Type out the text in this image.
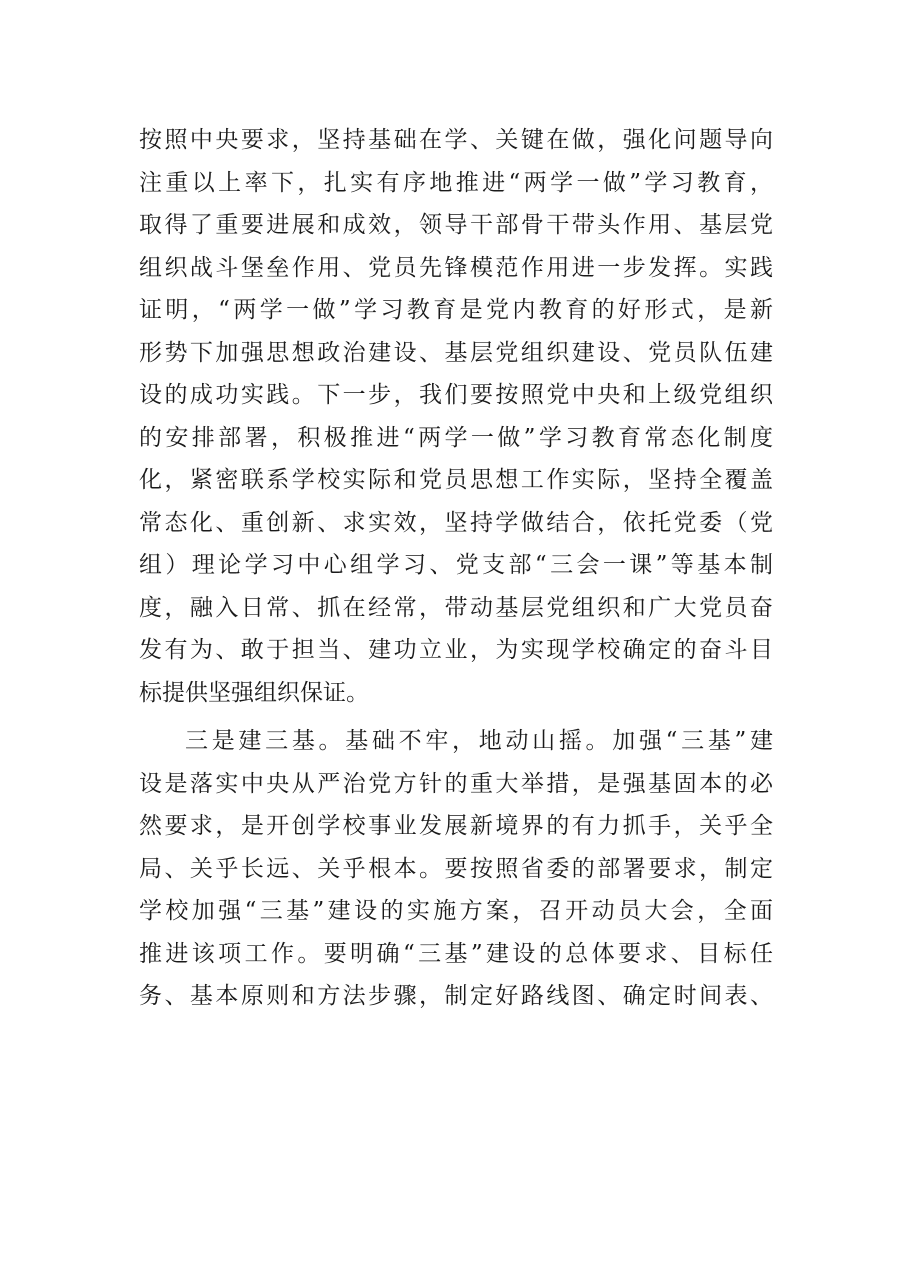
按照中央要求，坚持基础在学、关键在做，强化问题导向
注重以上率下，扎实有序地推进“两学一做”学习教育，
取得了重要进展和成效，领导干部骨干带头作用、基层党
组织战斗堡垒作用、党员先锋模范作用进一步发挥。实践
证明，“两学一做”学习教育是党内教育的好形式，是新
形势下加强思想政治建设、基层党组织建设、党员队伍建
设的成功实践。下一步，我们要按照党中央和上级党组织
的安排部署，积极推进“两学一做”学习教育常态化制度
化，紧密联系学校实际和党员思想工作实际，坚持全覆盖
常态化、重创新、求实效，坚持学做结合，依托党委（党
组）理论学习中心组学习、党支部“三会一课”等基本制
度，融入日常、抓在经常，带动基层党组织和广大党员奋
发有为、敢于担当、建功立业，为实现学校确定的奋斗目
标提供坚强组织保证。
三是建三基。基础不牢，地动山摇。加强“三基”建
设是落实中央从严治党方针的重大举措，是强基固本的必
然要求，是开创学校事业发展新境界的有力抓手，关乎全
局、关乎长远、关乎根本。要按照省委的部署要求，制定
学校加强“三基”建设的实施方案，召开动员大会，全面
推进该项工作。要明确“三基”建设的总体要求、目标任
务、基本原则和方法步骤，制定好路线图、确定时间表、
